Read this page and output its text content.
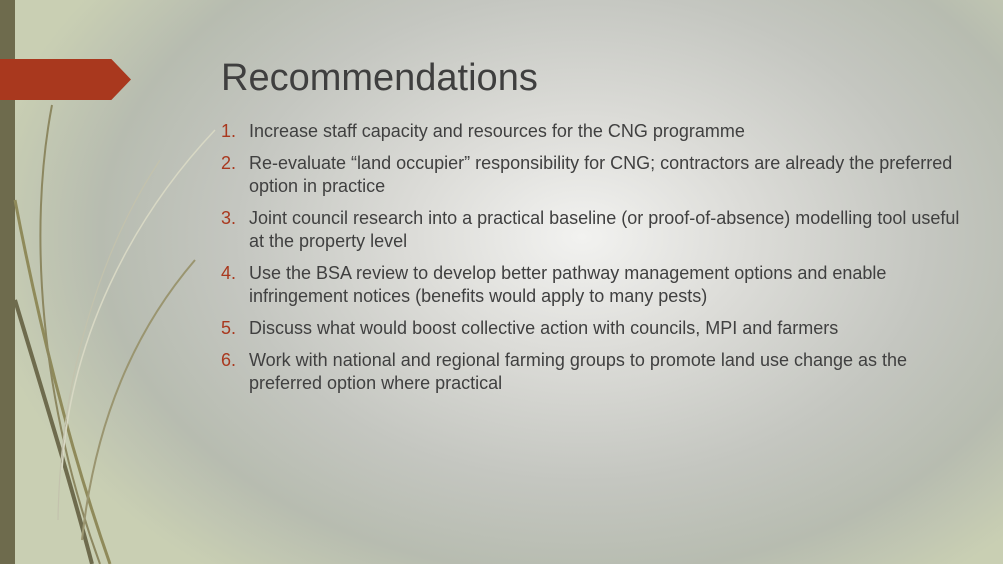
Recommendations
1. Increase staff capacity and resources for the CNG programme
2. Re-evaluate “land occupier” responsibility for CNG; contractors are already the preferred option in practice
3. Joint council research into a practical baseline (or proof-of-absence) modelling tool useful at the property level
4. Use the BSA review to develop better pathway management options and enable infringement notices (benefits would apply to many pests)
5. Discuss what would boost collective action with councils, MPI and farmers
6. Work with national and regional farming groups to promote land use change as the preferred option where practical
